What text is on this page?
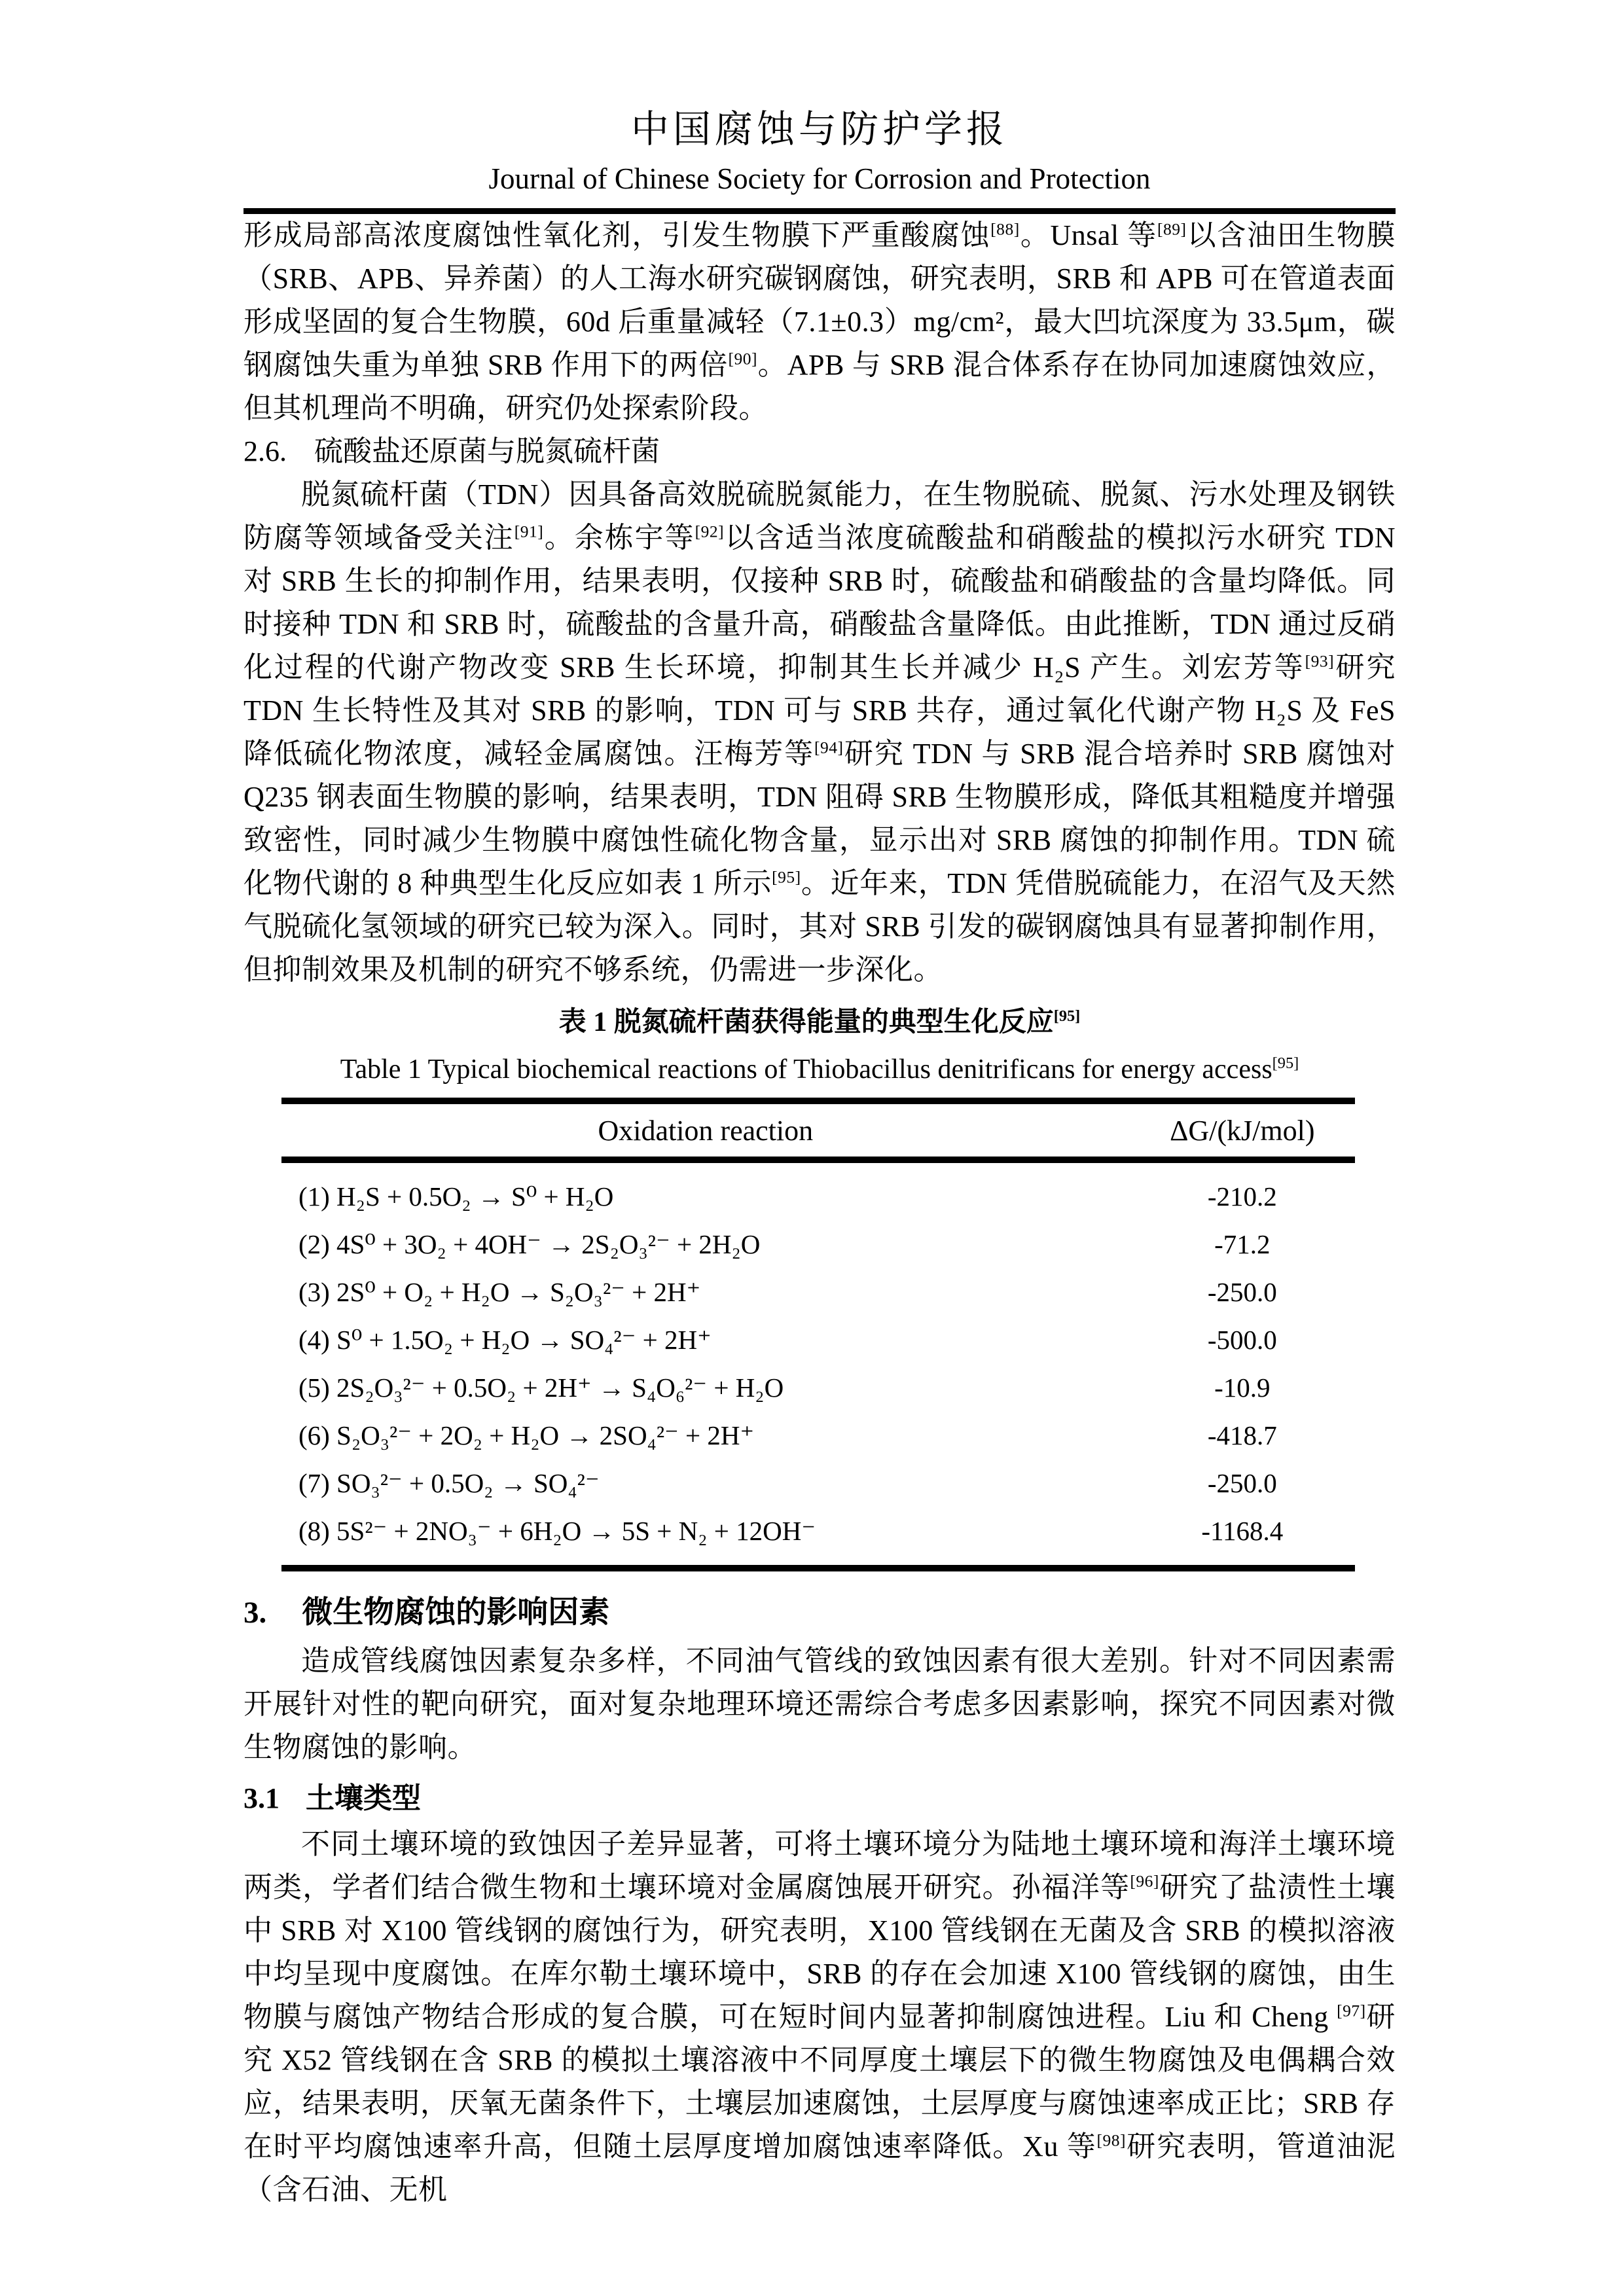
中国腐蚀与防护学报
Journal of Chinese Society for Corrosion and Protection

形成局部高浓度腐蚀性氧化剂，引发生物膜下严重酸腐蚀[88]。Unsal 等[89]以含油田生物膜（SRB、APB、异养菌）的人工海水研究碳钢腐蚀，研究表明，SRB 和 APB 可在管道表面形成坚固的复合生物膜，60d 后重量减轻（7.1±0.3）mg/cm²，最大凹坑深度为 33.5μm，碳钢腐蚀失重为单独 SRB 作用下的两倍[90]。APB 与 SRB 混合体系存在协同加速腐蚀效应，但其机理尚不明确，研究仍处探索阶段。

2.6. 硫酸盐还原菌与脱氮硫杆菌

脱氮硫杆菌（TDN）因具备高效脱硫脱氮能力，在生物脱硫、脱氮、污水处理及钢铁防腐等领域备受关注[91]。余栋宇等[92]以含适当浓度硫酸盐和硝酸盐的模拟污水研究 TDN 对 SRB 生长的抑制作用，结果表明，仅接种 SRB 时，硫酸盐和硝酸盐的含量均降低。同时接种 TDN 和 SRB 时，硫酸盐的含量升高，硝酸盐含量降低。由此推断，TDN 通过反硝化过程的代谢产物改变 SRB 生长环境，抑制其生长并减少 H₂S 产生。刘宏芳等[93]研究 TDN 生长特性及其对 SRB 的影响，TDN 可与 SRB 共存，通过氧化代谢产物 H₂S 及 FeS 降低硫化物浓度，减轻金属腐蚀。汪梅芳等[94]研究 TDN 与 SRB 混合培养时 SRB 腐蚀对 Q235 钢表面生物膜的影响，结果表明，TDN 阻碍 SRB 生物膜形成，降低其粗糙度并增强致密性，同时减少生物膜中腐蚀性硫化物含量，显示出对 SRB 腐蚀的抑制作用。TDN 硫化物代谢的 8 种典型生化反应如表 1 所示[95]。近年来，TDN 凭借脱硫能力，在沼气及天然气脱硫化氢领域的研究已较为深入。同时，其对 SRB 引发的碳钢腐蚀具有显著抑制作用，但抑制效果及机制的研究不够系统，仍需进一步深化。

表 1 脱氮硫杆菌获得能量的典型生化反应[95]
Table 1 Typical biochemical reactions of Thiobacillus denitrificans for energy access[95]
Oxidation reaction	ΔG/(kJ/mol)
(1) H₂S + 0.5O₂ → S⁰ + H₂O	-210.2
(2) 4S⁰ + 3O₂ + 4OH⁻ → 2S₂O₃²⁻ + 2H₂O	-71.2
(3) 2S⁰ + O₂ + H₂O → S₂O₃²⁻ + 2H⁺	-250.0
(4) S⁰ + 1.5O₂ + H₂O → SO₄²⁻ + 2H⁺	-500.0
(5) 2S₂O₃²⁻ + 0.5O₂ + 2H⁺ → S₄O₆²⁻ + H₂O	-10.9
(6) S₂O₃²⁻ + 2O₂ + H₂O → 2SO₄²⁻ + 2H⁺	-418.7
(7) SO₃²⁻ + 0.5O₂ → SO₄²⁻	-250.0
(8) 5S²⁻ + 2NO₃⁻ + 6H₂O → 5S + N₂ + 12OH⁻	-1168.4
3. 微生物腐蚀的影响因素

造成管线腐蚀因素复杂多样，不同油气管线的致蚀因素有很大差别。针对不同因素需开展针对性的靶向研究，面对复杂地理环境还需综合考虑多因素影响，探究不同因素对微生物腐蚀的影响。

3.1 土壤类型

不同土壤环境的致蚀因子差异显著，可将土壤环境分为陆地土壤环境和海洋土壤环境两类，学者们结合微生物和土壤环境对金属腐蚀展开研究。孙福洋等[96]研究了盐渍性土壤中 SRB 对 X100 管线钢的腐蚀行为，研究表明，X100 管线钢在无菌及含 SRB 的模拟溶液中均呈现中度腐蚀。在库尔勒土壤环境中，SRB 的存在会加速 X100 管线钢的腐蚀，由生物膜与腐蚀产物结合形成的复合膜，可在短时间内显著抑制腐蚀进程。Liu 和 Cheng [97]研究 X52 管线钢在含 SRB 的模拟土壤溶液中不同厚度土壤层下的微生物腐蚀及电偶耦合效应，结果表明，厌氧无菌条件下，土壤层加速腐蚀，土层厚度与腐蚀速率成正比；SRB 存在时平均腐蚀速率升高，但随土层厚度增加腐蚀速率降低。Xu 等[98]研究表明，管道油泥（含石油、无机
